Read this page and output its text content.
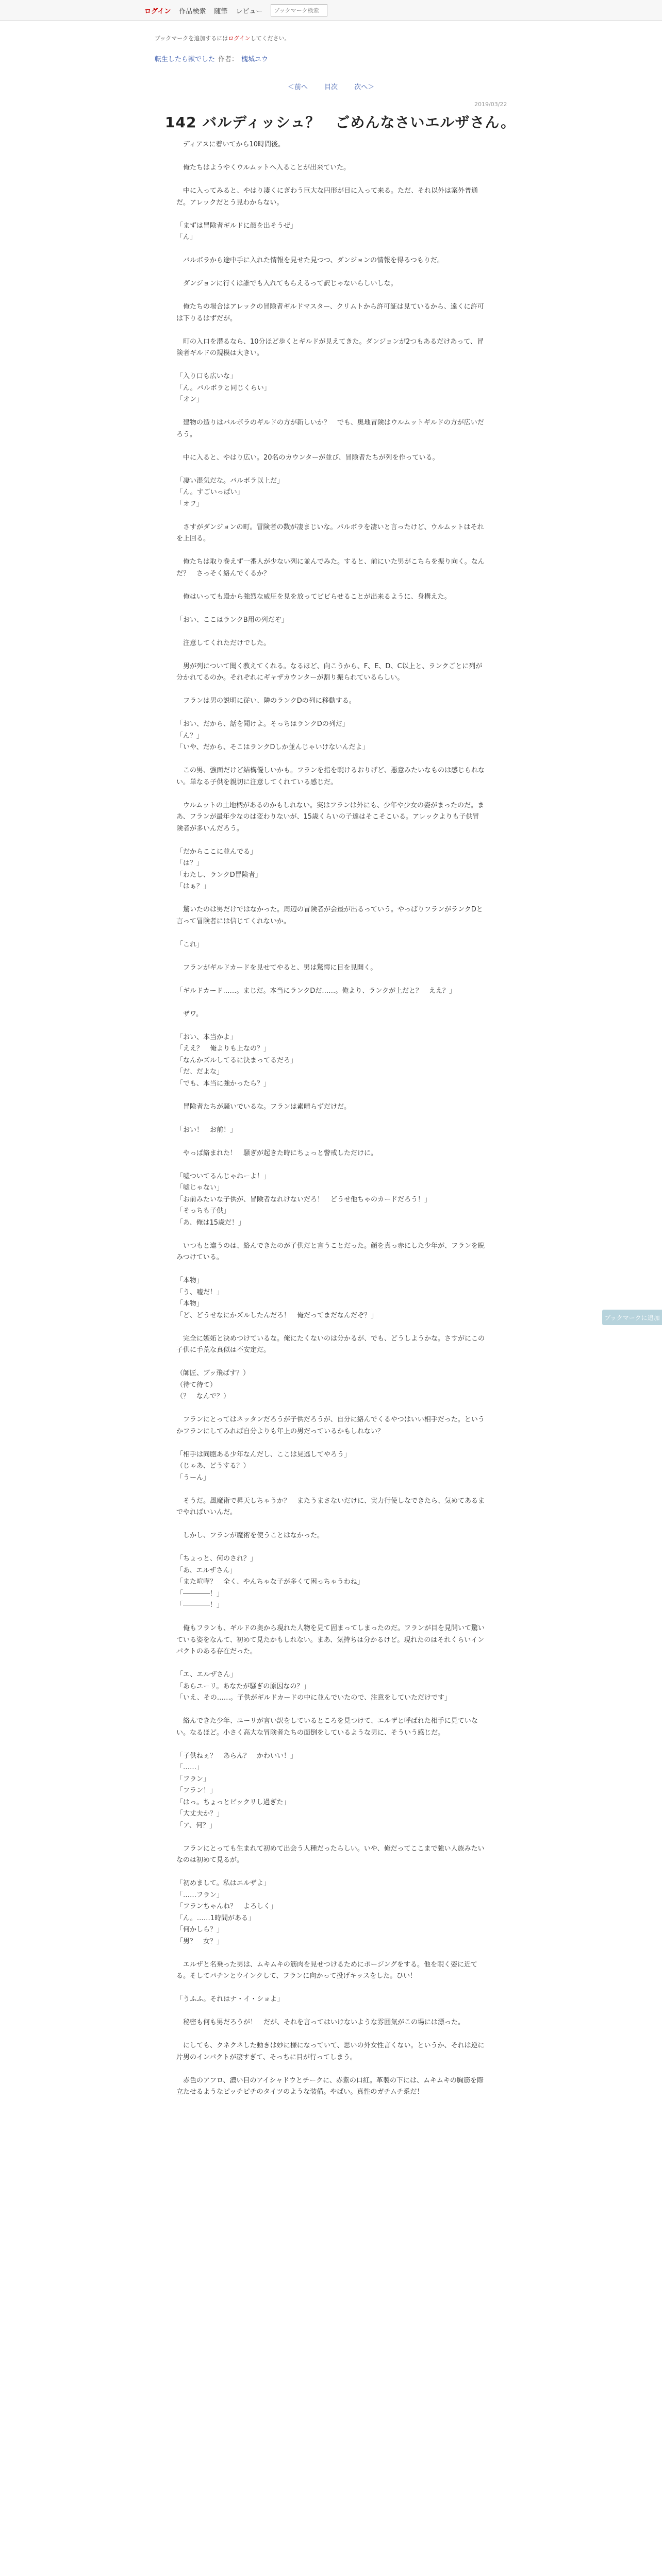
ログイン 作品検索 随筆 レビュー
ブックマーク検索
ブックマークを追加するにはログインしてください。
転生したら獣でした 作者： 槐城ユウ
＜前へ 目次 次へ＞
2019/03/22
142 バルディッシュ？　ごめんなさいエルザさん。

　ディアスに着いてから10時間後。

　俺たちはようやくウルムットへ入ることが出来ていた。

　中に入ってみると、やはり凄くにぎわう巨大な円形が目に入って来る。ただ、それ以外は案外普通だ。アレックだとう見わからない。

「まずは冒険者ギルドに顔を出そうぜ」

「ん」

　バルボラから途中手に入れた情報を見せた見つつ、ダンジョンの情報を得るつもりだ。

　ダンジョンに行くは誰でも入れてもらえるって訳じゃないらしいしな。

　俺たちの場合はアレックの冒険者ギルドマスター、クリムトから許可証は見ているから、遠くに許可は下りるはずだが。

　町の入口を潜るなら、10分ほど歩くとギルドが見えてきた。ダンジョンが2つもあるだけあって、冒険者ギルドの規模は大きい。

「入り口も広いな」

「ん。バルボラと同じくらい」

「オン」

　建物の造りはバルボラのギルドの方が新しいか？　でも、奥地冒険はウルムットギルドの方が広いだろう。

　中に入ると、やはり広い。20名のカウンターが並び、冒険者たちが列を作っている。

「凄い混気だな。バルボラ以上だ」

「ん。すごいっぱい」

「オフ」

　さすがダンジョンの町。冒険者の数が凄まじいな。バルボラを凄いと言ったけど、ウルムットはそれを上回る。

　俺たちは取り巻えず一番人が少ない列に並んでみた。すると、前にいた男がこちらを振り向く。なんだ？　さっそく絡んでくるか？

　俺はいっても殿から強烈な威圧を見を放ってビビらせることが出来るように、身構えた。

「おい、ここはランクB用の列だぞ」

　注意してくれただけでした。

　男が列について聞く教えてくれる。なるほど、向こうから、F、E、D、C以上と、ランクごとに列が分かれてるのか。それぞれにギャザカウンターが割り振られているらしい。

　フランは男の説明に従い、隣のランクDの列に移動する。

「おい、だから、話を聞けよ。そっちはランクDの列だ」

「ん？」

「いや、だから、そこはランクDしか並んじゃいけないんだよ」

　この男、強面だけど結構優しいかも。フランを指を睨けるおりげど、悪意みたいなものは感じられない。単なる子供を親切に注意してくれている感じだ。

　ウルムットの土地柄があるのかもしれない。実はフランは外にも、少年や少女の姿がまったのだ。まあ、フランが最年少なのは変わりないが、15歳くらいの子達はそこそこいる。アレックよりも子供冒険者が多いんだろう。

「だからここに並んでる」

「は？」

「わたし、ランクD冒険者」

「はぁ？」

　驚いたのは男だけではなかった。周辺の冒険者が会最が出るっていう。やっぱりフランがランクDと言って冒険者には信じてくれないか。

「これ」

　フランがギルドカードを見せてやると、男は驚愕に目を見開く。

「ギルドカード……。まじだ。本当にランクDだ……。俺より、ランクが上だと？　ええ？」

　ザワ。

「おい、本当かよ」

「ええ？　俺よりも上なの？」

「なんかズルしてるに決まってるだろ」

「だ、だよな」

「でも、本当に強かったら？」

　冒険者たちが騒いでいるな。フランは素晴らずだけだ。

「おい！　お前！」

　やっぱ絡まれた！　騒ぎが起きた時にちょっと警戒しただけに。

「嘘ついてるんじゃねーよ！」

「嘘じゃない」

「お前みたいな子供が、冒険者なれけないだろ！　どうせ他ちゃのカードだろう！」

「そっちも子供」

「あ、俺は15歳だ！」

　いつもと違うのは、絡んできたのが子供だと言うことだった。顔を真っ赤にした少年が、フランを睨みつけている。

「本物」

「う、嘘だ！」

「本物」

「ど、どうせなにかズルしたんだろ！　俺だってまだなんだぞ？」

　完全に嫉妬と決めつけているな。俺にたくないのは分かるが、でも、どうしようかな。さすがにこの子供に手荒な真似は不安定だ。

（師匠、ブッ飛ばす？）

（待て待て）

（？　なんで？）

　フランにとってはネッタンだろうが子供だろうが、自分に絡んでくるやつはいい相手だった。というかフランにしてみれば自分よりも年上の男だっているかもしれない？

「相手は同胞ある少年なんだし、ここは見逃してやろう」

（じゃあ、どうする？）

「うーん」

　そうだ。風魔術で昇天しちゃうか？　またうまさないだけに、実力行使しなできたら、気めてあるまでやればいいんだ。

　しかし、フランが魔術を使うことはなかった。

「ちょっと、何のされ？」

「あ、エルザさん」

「また喧嘩？　全く、やんちゃな子が多くて困っちゃうわね」

「――――！」

「――――！」

　俺もフランも、ギルドの奥から現れた人物を見て固まってしまったのだ。フランが目を見開いて驚いている姿をなんて、初めて見たかもしれない。まあ、気持ちは分かるけど。現れたのはそれくらいインパクトのある存在だった。

「エ、エルザさん」

「あらユーリ。あなたが騒ぎの原因なの？」

「いえ、その……。子供がギルドカードの中に並んでいたので、注意をしていただけです」

　絡んできた少年、ユーリが言い訳をしているところを見つけて、エルザと呼ばれた相手に見ていない。なるほど。小さく高大な冒険者たちの面倒をしているような男に、そういう感じだ。

「子供ねぇ？　あらん？　かわいい！」

「……」

「フラン」

「フラン！」

「はっ。ちょっとビックリし過ぎた」

「大丈夫か？」

「ア、何？」

　フランにとっても生まれて初めて出会う人種だったらしい。いや、俺だってここまで強い人族みたいなのは初めて見るが。

「初めまして。私はエルザよ」

「……フラン」

「フランちゃんね？　よろしく」

「ん。……1時間がある」

「何かしら？」

「男？　女？」

　エルザと名乗った男は、ムキムキの筋肉を見せつけるためにポージングをする。他を睨く姿に近てる。そしてパチンとウインクして、フランに向かって投げキッスをした。ひい！

「うふふ。それはナ・イ・ショよ」

　秘密も何も男だろうが！　だが、それを言ってはいけないような雰囲気がこの場には漂った。

　にしても、クネクネした動きは妙に様になっていて、思いの外女性言くない。というか、それは逆に片男のインパクトが凄すぎて、そっちに目が行ってしまう。

　赤色のアフロ、濃い目のアイシャドウとチークに、赤紫の口紅。革製の下には、ムキムキの胸筋を際立たせるようなピッチピチのタイツのような装備。やばい。真性のガチムチ系だ！

ブックマークに追加
